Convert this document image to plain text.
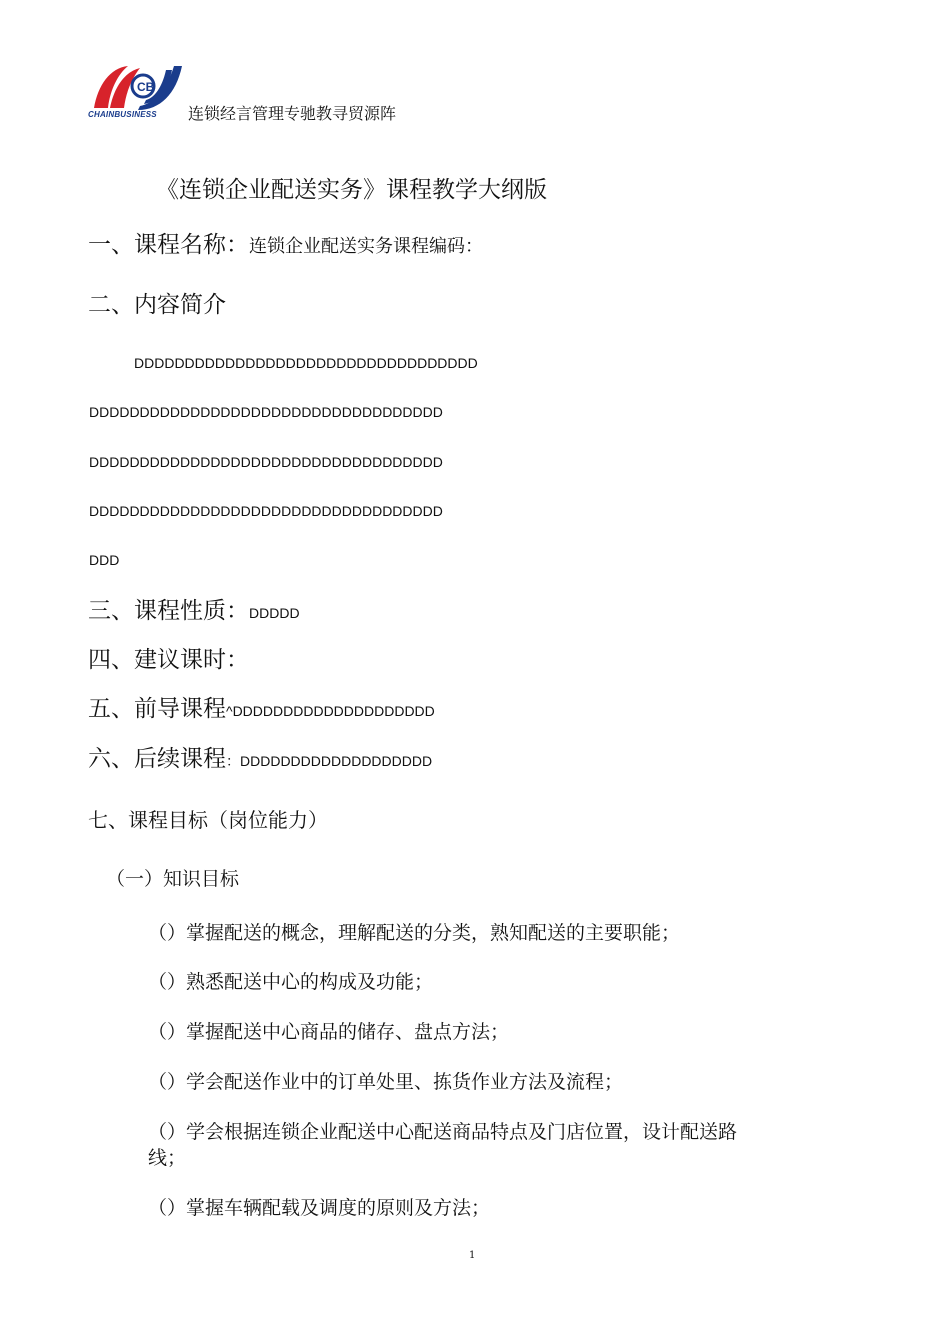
CB
CHAINBUSINESS 连锁经言管理专驰教寻贸源阵
《连锁企业配送实务》课程教学大纲版
一、课程名称：连锁企业配送实务课程编码：
二、内容简介
DDDDDDDDDDDDDDDDDDDDDDDDDDDDDDDDDD
DDDDDDDDDDDDDDDDDDDDDDDDDDDDDDDDDDD
DDDDDDDDDDDDDDDDDDDDDDDDDDDDDDDDDDD
DDDDDDDDDDDDDDDDDDDDDDDDDDDDDDDDDDD
DDD
三、课程性质：DDDDD
四、建议课时：
五、前导课程^DDDDDDDDDDDDDDDDDDDD
六、后续课程：DDDDDDDDDDDDDDDDDDD
七、课程目标（岗位能力）
（一）知识目标
（）掌握配送的概念，理解配送的分类，熟知配送的主要职能；
（）熟悉配送中心的构成及功能；
（）掌握配送中心商品的储存、盘点方法；
（）学会配送作业中的订单处里、拣货作业方法及流程；
（）学会根据连锁企业配送中心配送商品特点及门店位置，设计配送路
线；
（）掌握车辆配载及调度的原则及方法；
1
